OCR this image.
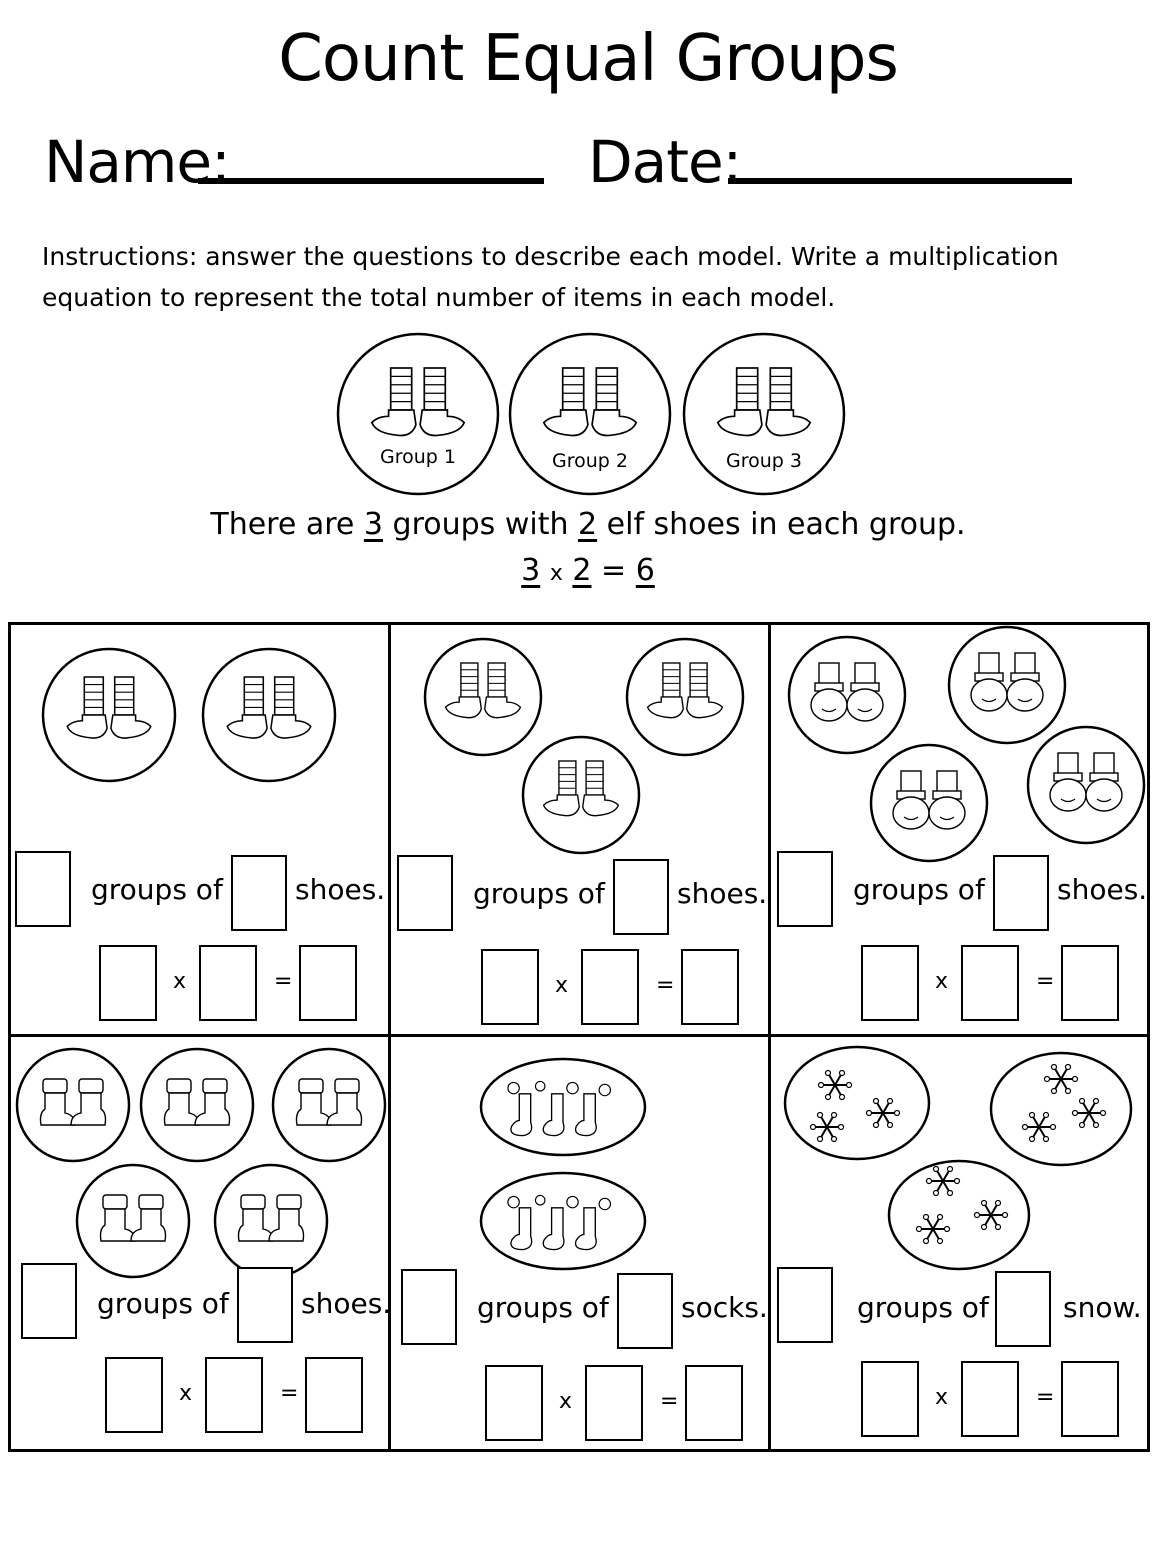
Count Equal Groups
Name:	Date:
Instructions: answer the questions to describe each model. Write a multiplication equation to represent the total number of items in each model.
Group 1	Group 2	Group 3
There are 3 groups with 2 elf shoes in each group.
3 x 2 = 6
groups of	shoes.
x	=
groups of	shoes.
x	=
groups of	shoes.
x	=
groups of	shoes.
x	=
groups of	socks.
x	=
groups of	snow.
x	=
